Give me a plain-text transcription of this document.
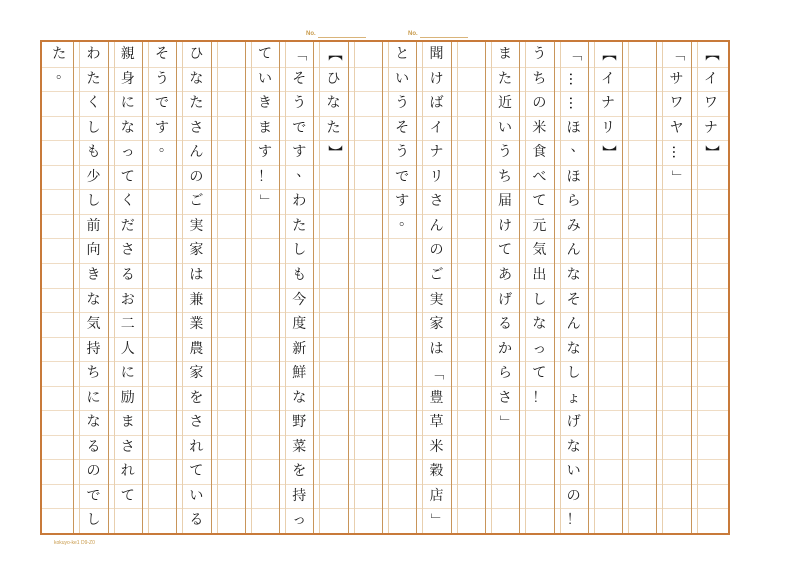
No.	No.
【
イ
ワ
ナ
】
「
サ
ワ
ヤ
…
」
【
イ
ナ
リ
】
「
…
…
ほ
、
ほ
ら
み
ん
な
そ
ん
な
し
ょ
げ
な
い
の
！
う
ち
の
米
食
べ
て
元
気
出
し
な
っ
て
！
ま
た
近
い
う
ち
届
け
て
あ
げ
る
か
ら
さ
」
聞
け
ば
イ
ナ
リ
さ
ん
の
ご
実
家
は
「
豊
草
米
穀
店
」
と
い
う
そ
う
で
す
。
【
ひ
な
た
】
「
そ
う
で
す
、
わ
た
し
も
今
度
新
鮮
な
野
菜
を
持
っ
て
い
き
ま
す
！
」
ひ
な
た
さ
ん
の
ご
実
家
は
兼
業
農
家
を
さ
れ
て
い
る
そ
う
で
す
。
親
身
に
な
っ
て
く
だ
さ
る
お
二
人
に
励
ま
さ
れ
て
わ
た
く
し
も
少
し
前
向
き
な
気
持
ち
に
な
る
の
で
し
た
。
kokuyo-ke1 D9-Z0
